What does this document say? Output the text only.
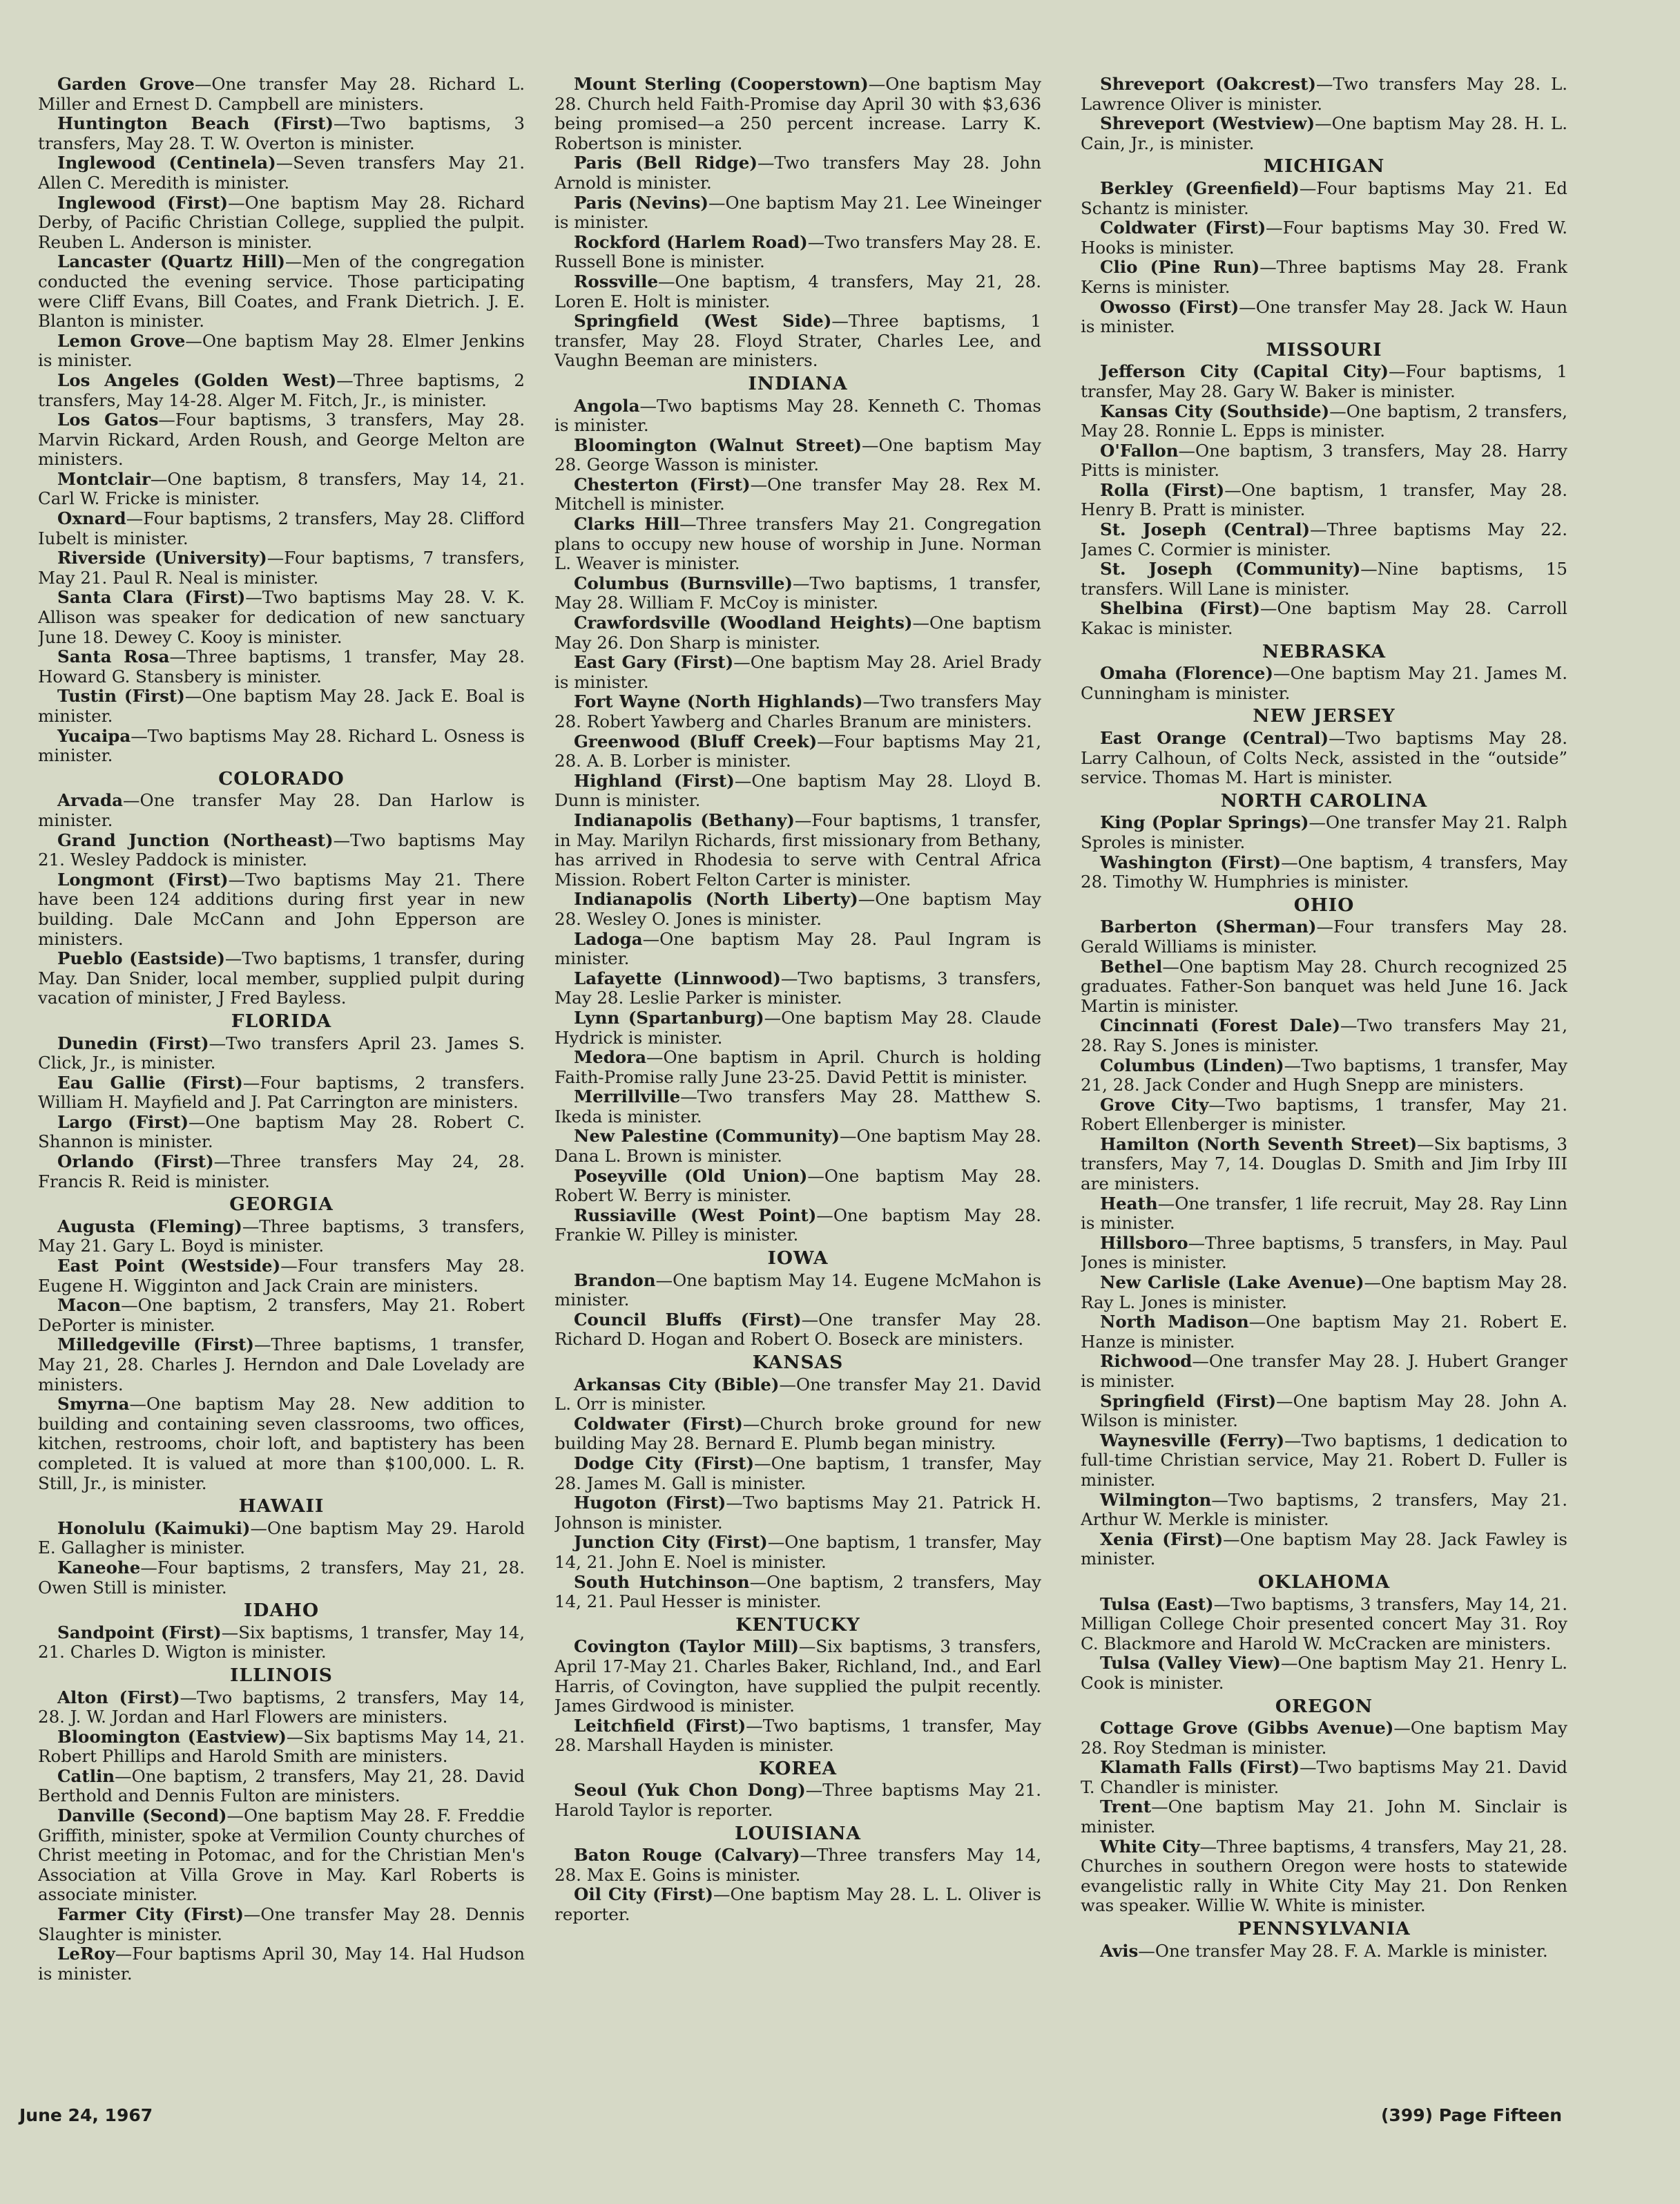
Garden Grove—One transfer May 28. Richard L. Miller and Ernest D. Campbell are ministers.

Huntington Beach (First)—Two baptisms, 3 transfers, May 28. T. W. Overton is minister.

Inglewood (Centinela)—Seven transfers May 21. Allen C. Meredith is minister.

Inglewood (First)—One baptism May 28. Richard Derby, of Pacific Christian College, supplied the pulpit. Reuben L. Anderson is minister.

Lancaster (Quartz Hill)—Men of the congregation conducted the evening service. Those participating were Cliff Evans, Bill Coates, and Frank Dietrich. J. E. Blanton is minister.

Lemon Grove—One baptism May 28. Elmer Jenkins is minister.

Los Angeles (Golden West)—Three baptisms, 2 transfers, May 14-28. Alger M. Fitch, Jr., is minister.

Los Gatos—Four baptisms, 3 transfers, May 28. Marvin Rickard, Arden Roush, and George Melton are ministers.

Montclair—One baptism, 8 transfers, May 14, 21. Carl W. Fricke is minister.

Oxnard—Four baptisms, 2 transfers, May 28. Clifford Iubelt is minister.

Riverside (University)—Four baptisms, 7 transfers, May 21. Paul R. Neal is minister.

Santa Clara (First)—Two baptisms May 28. V. K. Allison was speaker for dedication of new sanctuary June 18. Dewey C. Kooy is minister.

Santa Rosa—Three baptisms, 1 transfer, May 28. Howard G. Stansbery is minister.

Tustin (First)—One baptism May 28. Jack E. Boal is minister.

Yucaipa—Two baptisms May 28. Richard L. Osness is minister.

COLORADO

Arvada—One transfer May 28. Dan Harlow is minister.

Grand Junction (Northeast)—Two baptisms May 21. Wesley Paddock is minister.

Longmont (First)—Two baptisms May 21. There have been 124 additions during first year in new building. Dale McCann and John Epperson are ministers.

Pueblo (Eastside)—Two baptisms, 1 transfer, during May. Dan Snider, local member, supplied pulpit during vacation of minister, J Fred Bayless.

FLORIDA

Dunedin (First)—Two transfers April 23. James S. Click, Jr., is minister.

Eau Gallie (First)—Four baptisms, 2 transfers. William H. Mayfield and J. Pat Carrington are ministers.

Largo (First)—One baptism May 28. Robert C. Shannon is minister.

Orlando (First)—Three transfers May 24, 28. Francis R. Reid is minister.

GEORGIA

Augusta (Fleming)—Three baptisms, 3 transfers, May 21. Gary L. Boyd is minister.

East Point (Westside)—Four transfers May 28. Eugene H. Wigginton and Jack Crain are ministers.

Macon—One baptism, 2 transfers, May 21. Robert DePorter is minister.

Milledgeville (First)—Three baptisms, 1 transfer, May 21, 28. Charles J. Herndon and Dale Lovelady are ministers.

Smyrna—One baptism May 28. New addition to building and containing seven classrooms, two offices, kitchen, restrooms, choir loft, and baptistery has been completed. It is valued at more than $100,000. L. R. Still, Jr., is minister.

HAWAII

Honolulu (Kaimuki)—One baptism May 29. Harold E. Gallagher is minister.

Kaneohe—Four baptisms, 2 transfers, May 21, 28. Owen Still is minister.

IDAHO

Sandpoint (First)—Six baptisms, 1 transfer, May 14, 21. Charles D. Wigton is minister.

ILLINOIS

Alton (First)—Two baptisms, 2 transfers, May 14, 28. J. W. Jordan and Harl Flowers are ministers.

Bloomington (Eastview)—Six baptisms May 14, 21. Robert Phillips and Harold Smith are ministers.

Catlin—One baptism, 2 transfers, May 21, 28. David Berthold and Dennis Fulton are ministers.

Danville (Second)—One baptism May 28. F. Freddie Griffith, minister, spoke at Vermilion County churches of Christ meeting in Potomac, and for the Christian Men's Association at Villa Grove in May. Karl Roberts is associate minister.

Farmer City (First)—One transfer May 28. Dennis Slaughter is minister.

LeRoy—Four baptisms April 30, May 14. Hal Hudson is minister.

Mount Sterling (Cooperstown)—One baptism May 28. Church held Faith-Promise day April 30 with $3,636 being promised—a 250 percent increase. Larry K. Robertson is minister.

Paris (Bell Ridge)—Two transfers May 28. John Arnold is minister.

Paris (Nevins)—One baptism May 21. Lee Wineinger is minister.

Rockford (Harlem Road)—Two transfers May 28. E. Russell Bone is minister.

Rossville—One baptism, 4 transfers, May 21, 28. Loren E. Holt is minister.

Springfield (West Side)—Three baptisms, 1 transfer, May 28. Floyd Strater, Charles Lee, and Vaughn Beeman are ministers.

INDIANA

Angola—Two baptisms May 28. Kenneth C. Thomas is minister.

Bloomington (Walnut Street)—One baptism May 28. George Wasson is minister.

Chesterton (First)—One transfer May 28. Rex M. Mitchell is minister.

Clarks Hill—Three transfers May 21. Congregation plans to occupy new house of worship in June. Norman L. Weaver is minister.

Columbus (Burnsville)—Two baptisms, 1 transfer, May 28. William F. McCoy is minister.

Crawfordsville (Woodland Heights)—One baptism May 26. Don Sharp is minister.

East Gary (First)—One baptism May 28. Ariel Brady is minister.

Fort Wayne (North Highlands)—Two transfers May 28. Robert Yawberg and Charles Branum are ministers.

Greenwood (Bluff Creek)—Four baptisms May 21, 28. A. B. Lorber is minister.

Highland (First)—One baptism May 28. Lloyd B. Dunn is minister.

Indianapolis (Bethany)—Four baptisms, 1 transfer, in May. Marilyn Richards, first missionary from Bethany, has arrived in Rhodesia to serve with Central Africa Mission. Robert Felton Carter is minister.

Indianapolis (North Liberty)—One baptism May 28. Wesley O. Jones is minister.

Ladoga—One baptism May 28. Paul Ingram is minister.

Lafayette (Linnwood)—Two baptisms, 3 transfers, May 28. Leslie Parker is minister.

Lynn (Spartanburg)—One baptism May 28. Claude Hydrick is minister.

Medora—One baptism in April. Church is holding Faith-Promise rally June 23-25. David Pettit is minister.

Merrillville—Two transfers May 28. Matthew S. Ikeda is minister.

New Palestine (Community)—One baptism May 28. Dana L. Brown is minister.

Poseyville (Old Union)—One baptism May 28. Robert W. Berry is minister.

Russiaville (West Point)—One baptism May 28. Frankie W. Pilley is minister.

IOWA

Brandon—One baptism May 14. Eugene McMahon is minister.

Council Bluffs (First)—One transfer May 28. Richard D. Hogan and Robert O. Boseck are ministers.

KANSAS

Arkansas City (Bible)—One transfer May 21. David L. Orr is minister.

Coldwater (First)—Church broke ground for new building May 28. Bernard E. Plumb began ministry.

Dodge City (First)—One baptism, 1 transfer, May 28. James M. Gall is minister.

Hugoton (First)—Two baptisms May 21. Patrick H. Johnson is minister.

Junction City (First)—One baptism, 1 transfer, May 14, 21. John E. Noel is minister.

South Hutchinson—One baptism, 2 transfers, May 14, 21. Paul Hesser is minister.

KENTUCKY

Covington (Taylor Mill)—Six baptisms, 3 transfers, April 17-May 21. Charles Baker, Richland, Ind., and Earl Harris, of Covington, have supplied the pulpit recently. James Girdwood is minister.

Leitchfield (First)—Two baptisms, 1 transfer, May 28. Marshall Hayden is minister.

KOREA

Seoul (Yuk Chon Dong)—Three baptisms May 21. Harold Taylor is reporter.

LOUISIANA

Baton Rouge (Calvary)—Three transfers May 14, 28. Max E. Goins is minister.

Oil City (First)—One baptism May 28. L. L. Oliver is reporter.

Shreveport (Oakcrest)—Two transfers May 28. L. Lawrence Oliver is minister.

Shreveport (Westview)—One baptism May 28. H. L. Cain, Jr., is minister.

MICHIGAN

Berkley (Greenfield)—Four baptisms May 21. Ed Schantz is minister.

Coldwater (First)—Four baptisms May 30. Fred W. Hooks is minister.

Clio (Pine Run)—Three baptisms May 28. Frank Kerns is minister.

Owosso (First)—One transfer May 28. Jack W. Haun is minister.

MISSOURI

Jefferson City (Capital City)—Four baptisms, 1 transfer, May 28. Gary W. Baker is minister.

Kansas City (Southside)—One baptism, 2 transfers, May 28. Ronnie L. Epps is minister.

O'Fallon—One baptism, 3 transfers, May 28. Harry Pitts is minister.

Rolla (First)—One baptism, 1 transfer, May 28. Henry B. Pratt is minister.

St. Joseph (Central)—Three baptisms May 22. James C. Cormier is minister.

St. Joseph (Community)—Nine baptisms, 15 transfers. Will Lane is minister.

Shelbina (First)—One baptism May 28. Carroll Kakac is minister.

NEBRASKA

Omaha (Florence)—One baptism May 21. James M. Cunningham is minister.

NEW JERSEY

East Orange (Central)—Two baptisms May 28. Larry Calhoun, of Colts Neck, assisted in the “outside” service. Thomas M. Hart is minister.

NORTH CAROLINA

King (Poplar Springs)—One transfer May 21. Ralph Sproles is minister.

Washington (First)—One baptism, 4 transfers, May 28. Timothy W. Humphries is minister.

OHIO

Barberton (Sherman)—Four transfers May 28. Gerald Williams is minister.

Bethel—One baptism May 28. Church recognized 25 graduates. Father-Son banquet was held June 16. Jack Martin is minister.

Cincinnati (Forest Dale)—Two transfers May 21, 28. Ray S. Jones is minister.

Columbus (Linden)—Two baptisms, 1 transfer, May 21, 28. Jack Conder and Hugh Snepp are ministers.

Grove City—Two baptisms, 1 transfer, May 21. Robert Ellenberger is minister.

Hamilton (North Seventh Street)—Six baptisms, 3 transfers, May 7, 14. Douglas D. Smith and Jim Irby III are ministers.

Heath—One transfer, 1 life recruit, May 28. Ray Linn is minister.

Hillsboro—Three baptisms, 5 transfers, in May. Paul Jones is minister.

New Carlisle (Lake Avenue)—One baptism May 28. Ray L. Jones is minister.

North Madison—One baptism May 21. Robert E. Hanze is minister.

Richwood—One transfer May 28. J. Hubert Granger is minister.

Springfield (First)—One baptism May 28. John A. Wilson is minister.

Waynesville (Ferry)—Two baptisms, 1 dedication to full-time Christian service, May 21. Robert D. Fuller is minister.

Wilmington—Two baptisms, 2 transfers, May 21. Arthur W. Merkle is minister.

Xenia (First)—One baptism May 28. Jack Fawley is minister.

OKLAHOMA

Tulsa (East)—Two baptisms, 3 transfers, May 14, 21. Milligan College Choir presented concert May 31. Roy C. Blackmore and Harold W. McCracken are ministers.

Tulsa (Valley View)—One baptism May 21. Henry L. Cook is minister.

OREGON

Cottage Grove (Gibbs Avenue)—One baptism May 28. Roy Stedman is minister.

Klamath Falls (First)—Two baptisms May 21. David T. Chandler is minister.

Trent—One baptism May 21. John M. Sinclair is minister.

White City—Three baptisms, 4 transfers, May 21, 28. Churches in southern Oregon were hosts to statewide evangelistic rally in White City May 21. Don Renken was speaker. Willie W. White is minister.

PENNSYLVANIA

Avis—One transfer May 28. F. A. Markle is minister.

June 24, 1967	(399) Page Fifteen
